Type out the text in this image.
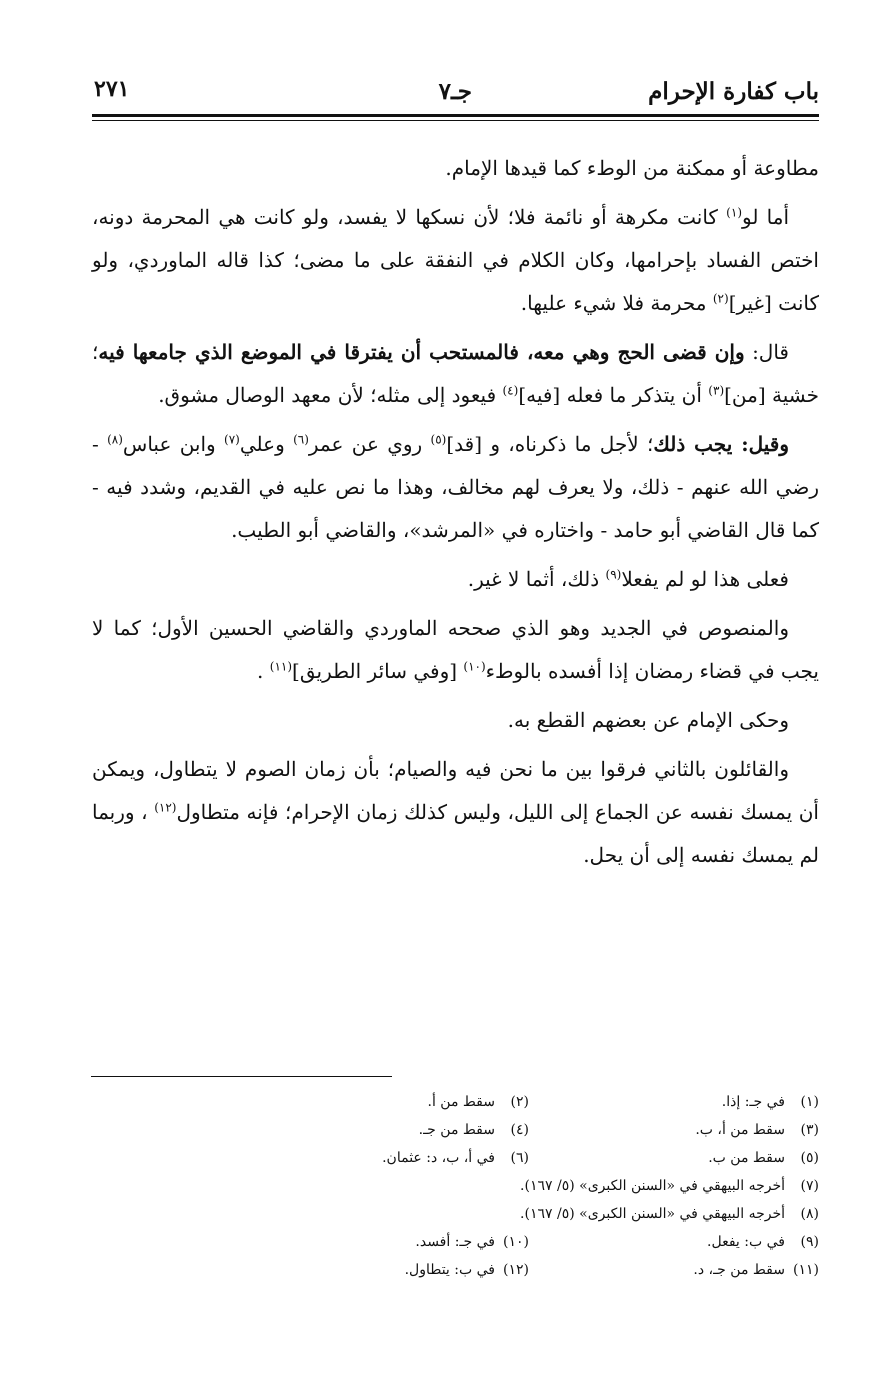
باب كفارة الإحرام
جـ٧
٢٧١

مطاوعة أو ممكنة من الوطء كما قيدها الإمام.

أما لو$^{(١)}$ كانت مكرهة أو نائمة فلا؛ لأن نسكها لا يفسد، ولو كانت هي المحرمة دونه، اختص الفساد بإحرامها، وكان الكلام في النفقة على ما مضى؛ كذا قاله الماوردي، ولو كانت [غير]$^{(٢)}$ محرمة فلا شيء عليها.

قال: وإن قضى الحج وهي معه، فالمستحب أن يفترقا في الموضع الذي جامعها فيه؛ خشية [من]$^{(٣)}$ أن يتذكر ما فعله [فيه]$^{(٤)}$ فيعود إلى مثله؛ لأن معهد الوصال مشوق.

وقيل: يجب ذلك؛ لأجل ما ذكرناه، و [قد]$^{(٥)}$ روي عن عمر$^{(٦)}$ وعلي$^{(٧)}$ وابن عباس$^{(٨)}$ - رضي الله عنهم - ذلك، ولا يعرف لهم مخالف، وهذا ما نص عليه في القديم، وشدد فيه - كما قال القاضي أبو حامد - واختاره في «المرشد»، والقاضي أبو الطيب.

فعلى هذا لو لم يفعلا$^{(٩)}$ ذلك، أثما لا غير.

والمنصوص في الجديد وهو الذي صححه الماوردي والقاضي الحسين الأول؛ كما لا يجب في قضاء رمضان إذا أفسده بالوطء$^{(١٠)}$ [وفي سائر الطريق]$^{(١١)}$ .

وحكى الإمام عن بعضهم القطع به.

والقائلون بالثاني فرقوا بين ما نحن فيه والصيام؛ بأن زمان الصوم لا يتطاول، ويمكن أن يمسك نفسه عن الجماع إلى الليل، وليس كذلك زمان الإحرام؛ فإنه متطاول$^{(١٢)}$ ، وربما لم يمسك نفسه إلى أن يحل.

(١)في جـ: إذا.
(٢)سقط من أ.
(٣)سقط من أ، ب.
(٤)سقط من جـ.
(٥)سقط من ب.
(٦)في أ، ب، د: عثمان.
(٧)أخرجه البيهقي في «السنن الكبرى» (٥/ ١٦٧).
(٨)أخرجه البيهقي في «السنن الكبرى» (٥/ ١٦٧).
(٩)في ب: يفعل.
(١٠)في جـ: أفسد.
(١١)سقط من جـ، د.
(١٢)في ب: يتطاول.
